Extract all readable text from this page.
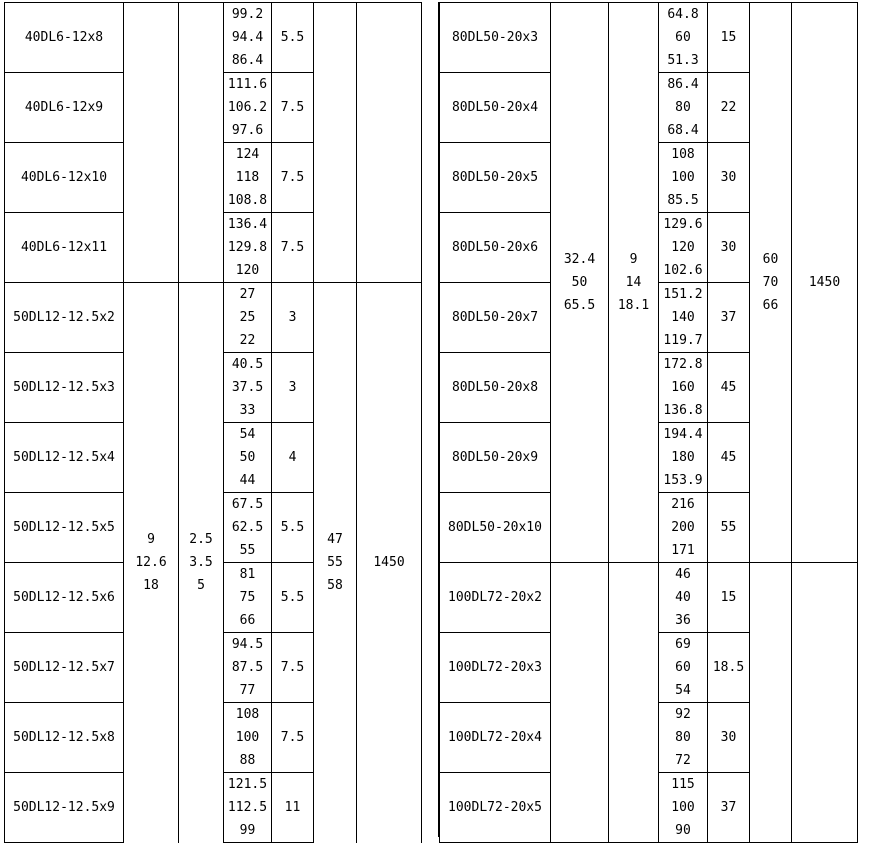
40DL6-12x8			99.2
94.4
86.4	5.5		
40DL6-12x9			111.6
106.2
97.6	7.5		
40DL6-12x10			124
118
108.8	7.5		
40DL6-12x11			136.4
129.8
120	7.5		
50DL12-12.5x2	9
12.6
18	2.5
3.5
5	27
25
22	3	47
55
58	1450
50DL12-12.5x3			40.5
37.5
33	3		
50DL12-12.5x4			54
50
44	4		
50DL12-12.5x5			67.5
62.5
55	5.5		
50DL12-12.5x6			81
75
66	5.5		
50DL12-12.5x7			94.5
87.5
77	7.5		
50DL12-12.5x8			108
100
88	7.5		
50DL12-12.5x9			121.5
112.5
99	11		
80DL50-20x3	32.4
50
65.5	9
14
18.1	64.8
60
51.3	15	60
70
66	1450
80DL50-20x4			86.4
80
68.4	22		
80DL50-20x5			108
100
85.5	30		
80DL50-20x6			129.6
120
102.6	30		
80DL50-20x7			151.2
140
119.7	37		
80DL50-20x8			172.8
160
136.8	45		
80DL50-20x9			194.4
180
153.9	45		
80DL50-20x10			216
200
171	55		
100DL72-20x2			46
40
36	15		
100DL72-20x3			69
60
54	18.5		
100DL72-20x4			92
80
72	30		
100DL72-20x5			115
100
90	37		
